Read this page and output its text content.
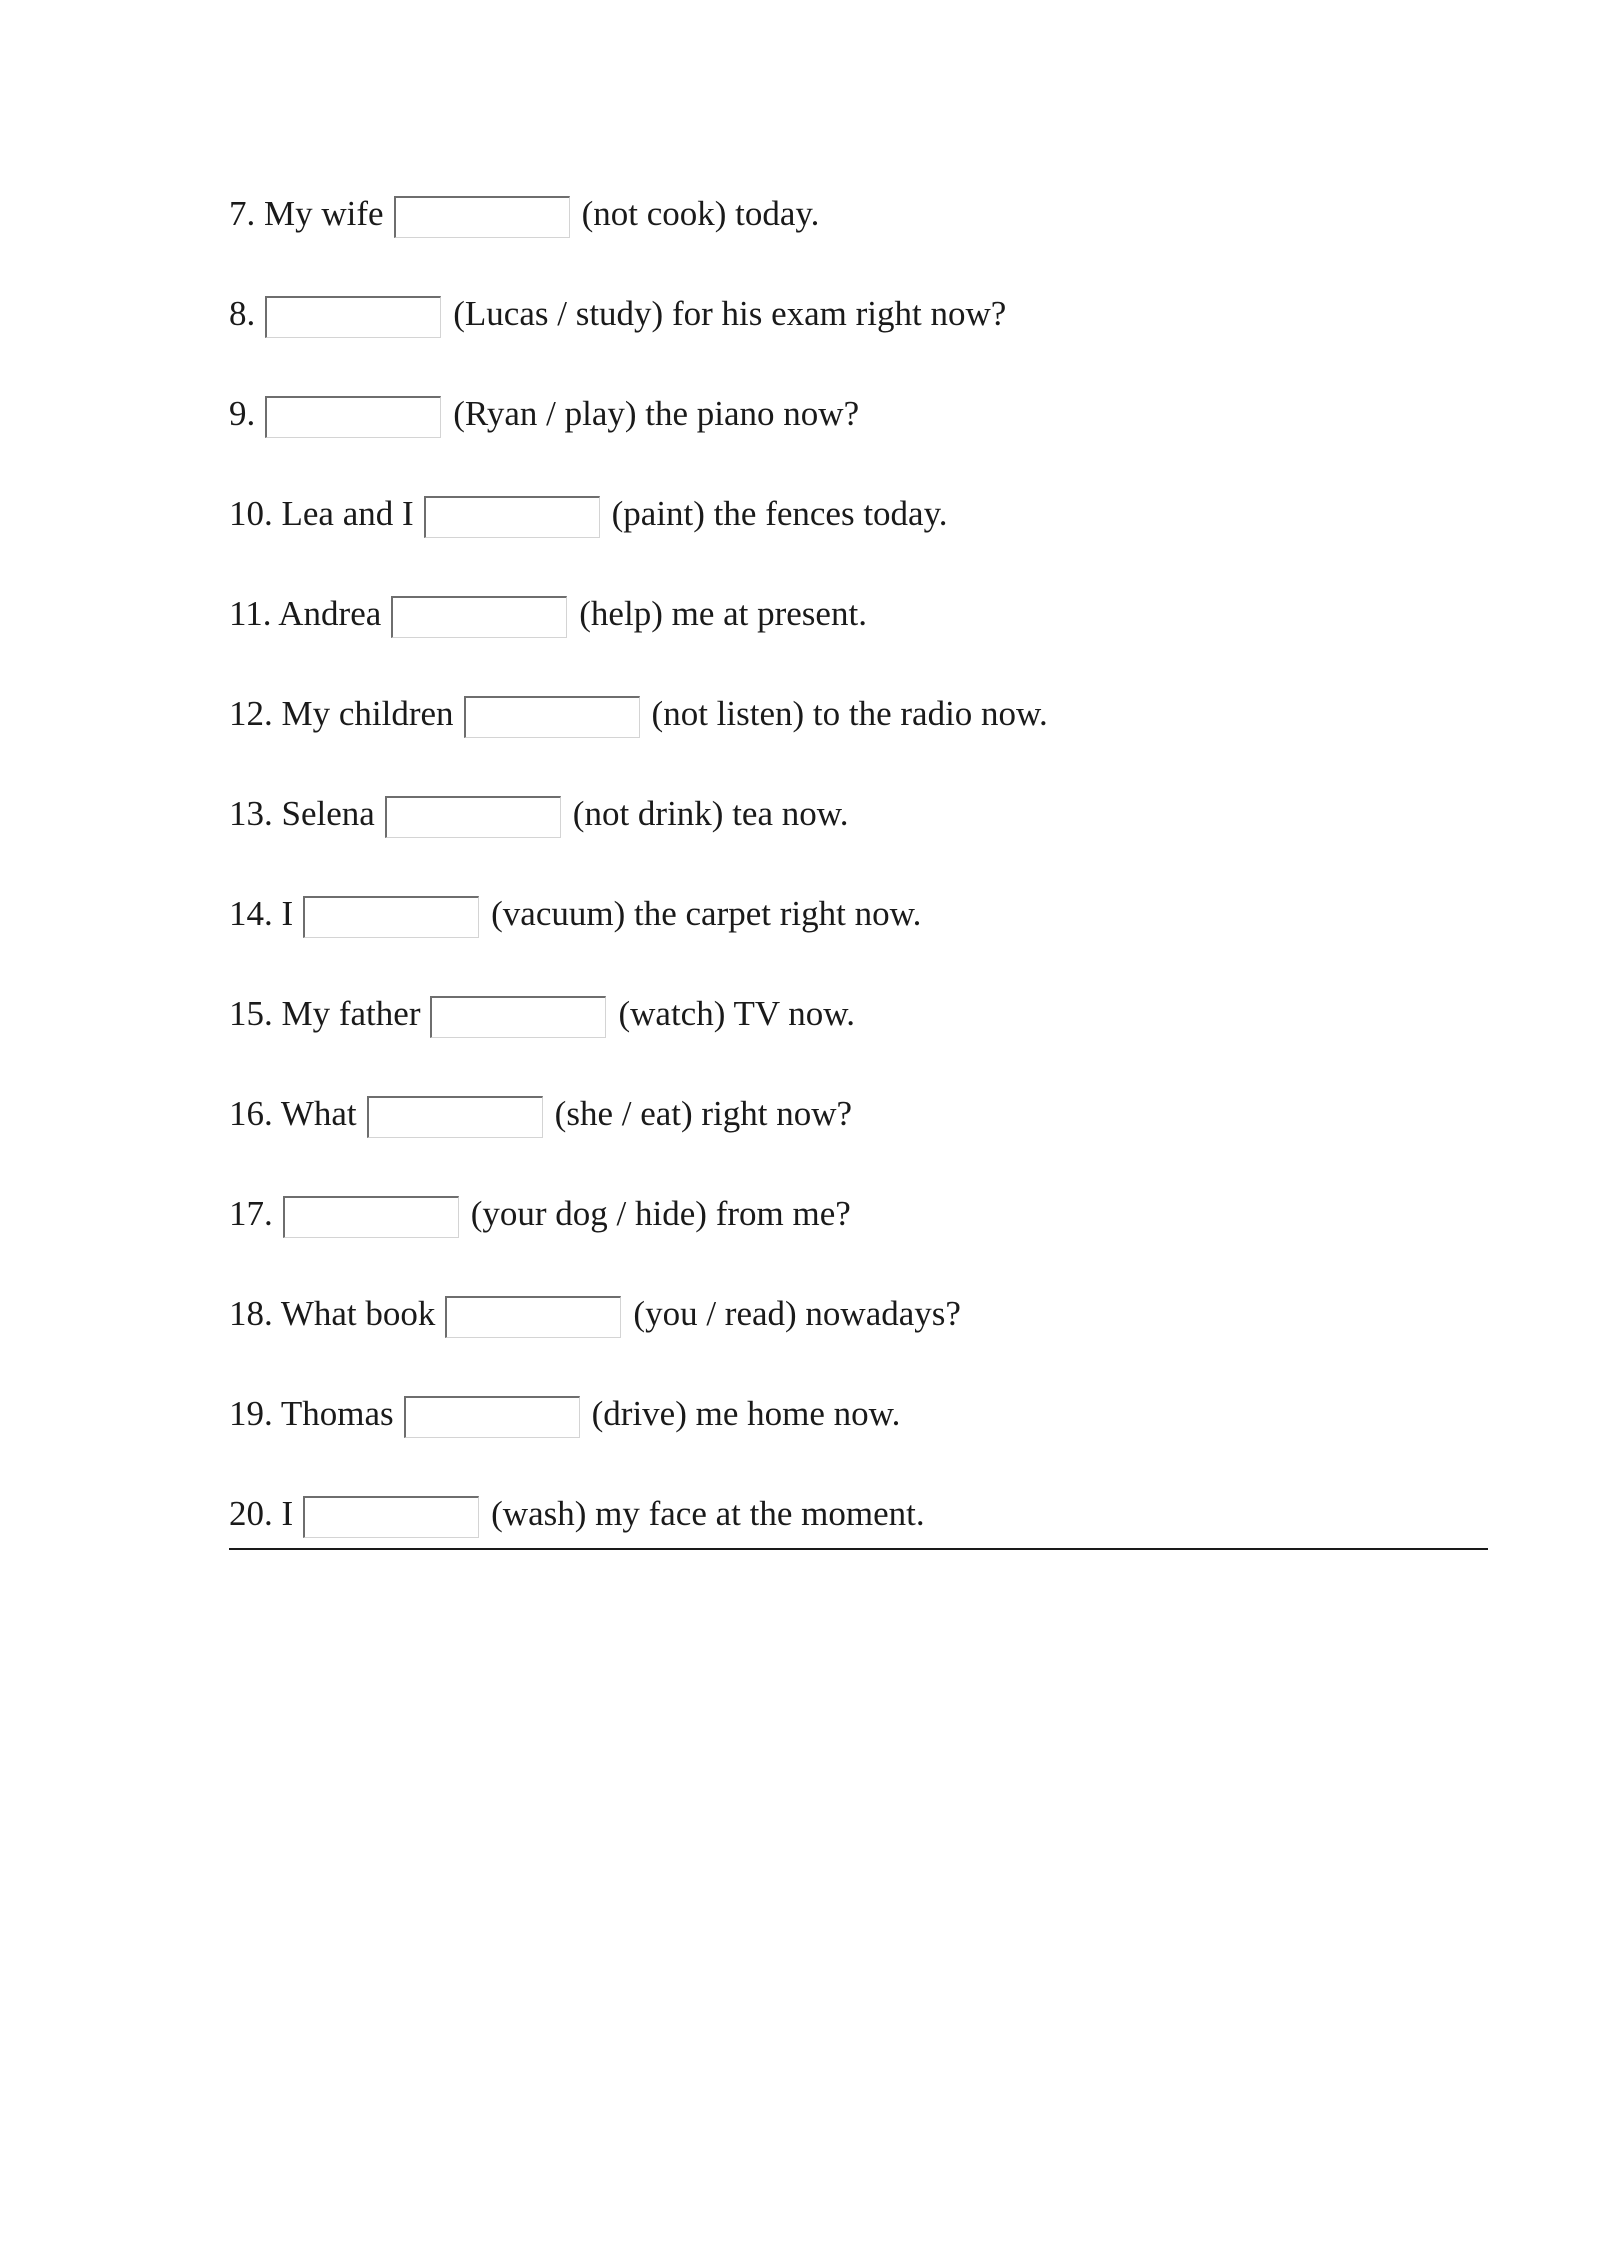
7. My wife	(not cook) today.
8.	(Lucas / study) for his exam right now?
9.	(Ryan / play) the piano now?
10. Lea and I	(paint) the fences today.
11. Andrea	(help) me at present.
12. My children	(not listen) to the radio now.
13. Selena	(not drink) tea now.
14. I	(vacuum) the carpet right now.
15. My father	(watch) TV now.
16. What	(she / eat) right now?
17.	(your dog / hide) from me?
18. What book	(you / read) nowadays?
19. Thomas	(drive) me home now.
20. I	(wash) my face at the moment.
